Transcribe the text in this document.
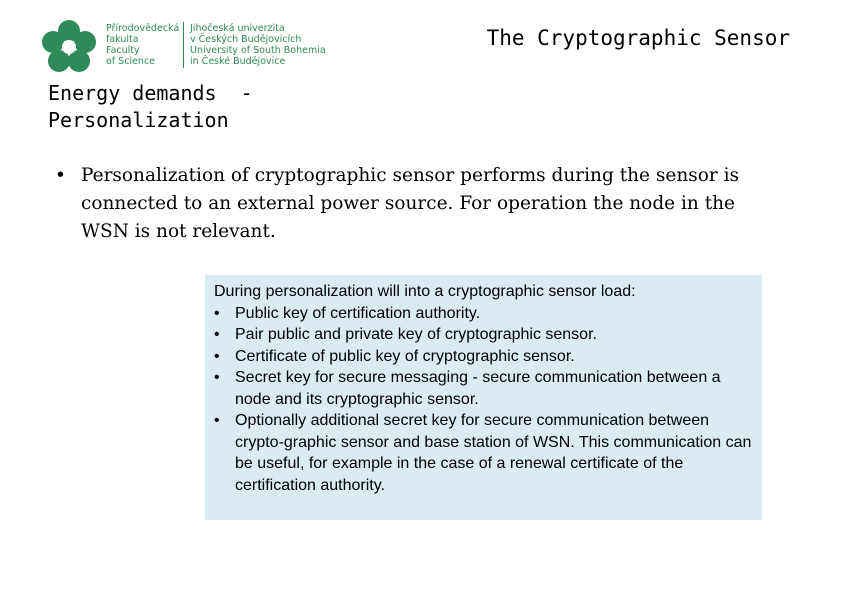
Přírodovědecká
fakulta
Faculty
of Science
Jihočeská univerzita
v Českých Budějovicích
University of South Bohemia
in České Budějovice
The Cryptographic Sensor
Energy demands  -
Personalization
• Personalization of cryptographic sensor performs during the sensor is connected to an external power source. For operation the node in the WSN is not relevant.
During personalization will into a cryptographic sensor load:
• Public key of certification authority.
• Pair public and private key of cryptographic sensor.
• Certificate of public key of cryptographic sensor.
• Secret key for secure messaging - secure communication between a node and its cryptographic sensor.
• Optionally additional secret key for secure communication between crypto-graphic sensor and base station of WSN. This communication can be useful, for example in the case of a renewal certificate of the certification authority.
